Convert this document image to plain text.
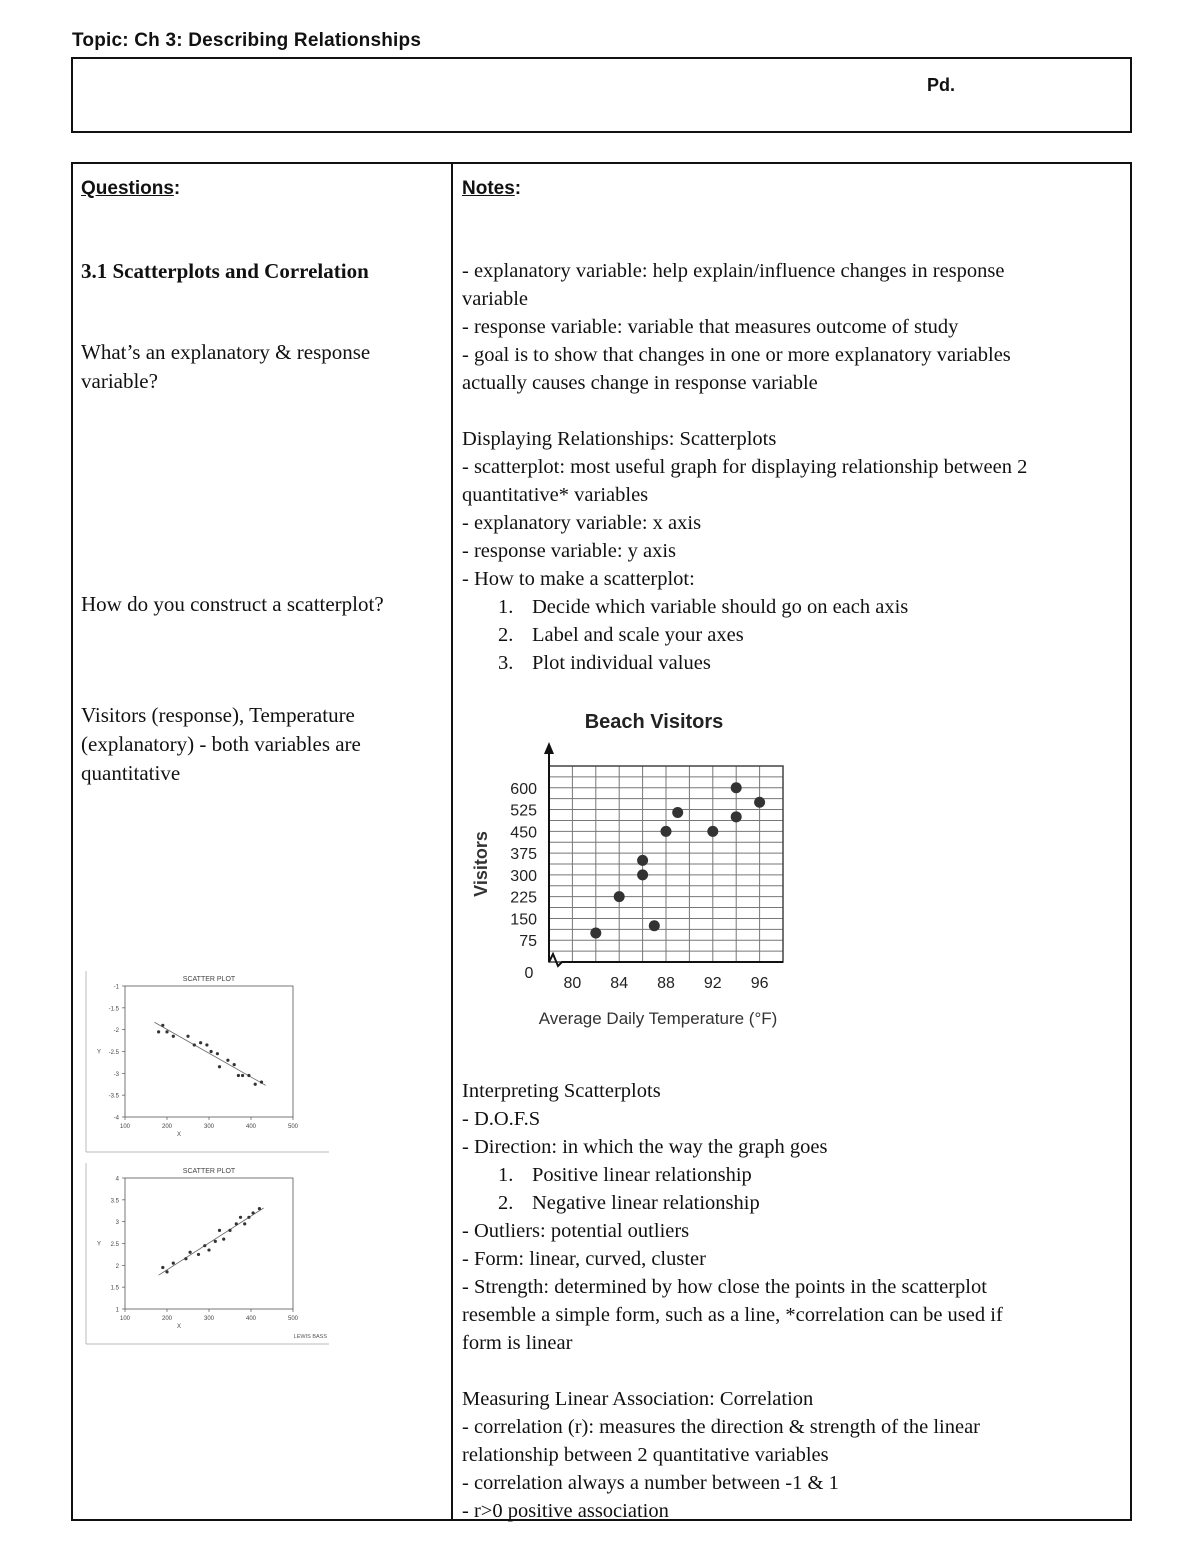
Topic: Ch 3: Describing Relationships
Pd.
Questions:	Notes:
3.1 Scatterplots and Correlation
What’s an explanatory & response variable?
How do you construct a scatterplot?
Visitors (response), Temperature (explanatory) - both variables are quantitative
SCATTER PLOT
-1
-1.5
-2
-2.5
-3
-3.5
-4
100	200	300	400	500
Y
X
SCATTER PLOT
4
3.5
3
2.5
2
1.5
1
100	200	300	400	500
Y
X
LEWIS BASS
- explanatory variable: help explain/influence changes in response
variable
- response variable: variable that measures outcome of study
- goal is to show that changes in one or more explanatory variables
actually causes change in response variable
Displaying Relationships: Scatterplots
- scatterplot: most useful graph for displaying relationship between 2
quantitative* variables
- explanatory variable: x axis
- response variable: y axis
- How to make a scatterplot:
1. Decide which variable should go on each axis
2. Label and scale your axes
3. Plot individual values
Interpreting Scatterplots
- D.O.F.S
- Direction: in which the way the graph goes
1. Positive linear relationship
2. Negative linear relationship
- Outliers: potential outliers
- Form: linear, curved, cluster
- Strength: determined by how close the points in the scatterplot
resemble a simple form, such as a line, *correlation can be used if
form is linear
Measuring Linear Association: Correlation
- correlation (r): measures the direction & strength of the linear
relationship between 2 quantitative variables
- correlation always a number between -1 & 1
- r>0 positive association
Beach Visitors
75
150
225
300
375
450
525
600
80 84 88 92 96
0
Visitors
Average Daily Temperature (°F)
